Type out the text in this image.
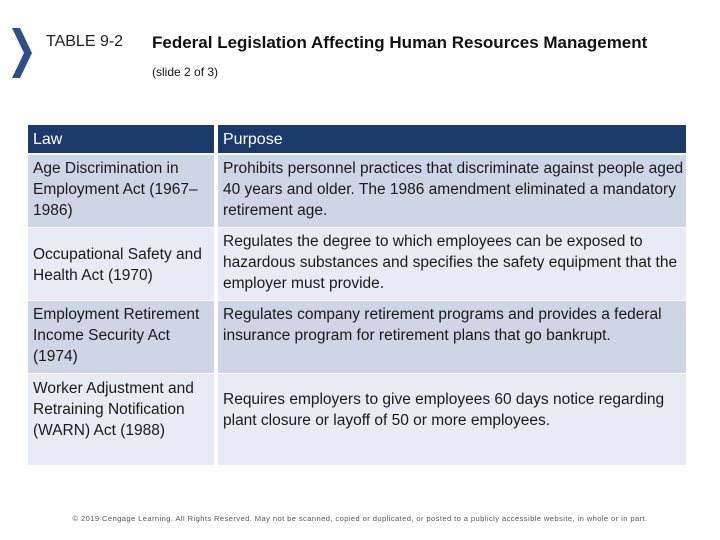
TABLE 9-2 Federal Legislation Affecting Human Resources Management
(slide 2 of 3)
Law	Purpose
Age Discrimination in Employment Act (1967–1986)
Prohibits personnel practices that discriminate against people aged 40 years and older. The 1986 amendment eliminated a mandatory retirement age.
Occupational Safety and Health Act (1970)
Regulates the degree to which employees can be exposed to hazardous substances and specifies the safety equipment that the employer must provide.
Employment Retirement Income Security Act (1974)
Regulates company retirement programs and provides a federal insurance program for retirement plans that go bankrupt.
Worker Adjustment and Retraining Notification (WARN) Act (1988)
Requires employers to give employees 60 days notice regarding plant closure or layoff of 50 or more employees.
© 2019 Cengage Learning. All Rights Reserved. May not be scanned, copied or duplicated, or posted to a publicly accessible website, in whole or in part.
